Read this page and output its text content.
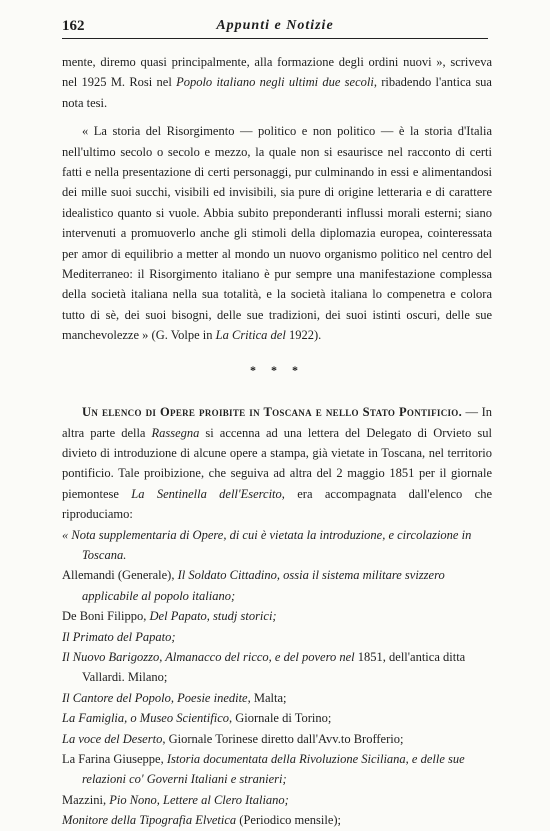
162	Appunti e Notizie

mente, diremo quasi principalmente, alla formazione degli ordini nuovi », scriveva nel 1925 M. Rosi nel Popolo italiano negli ultimi due secoli, ribadendo l'antica sua nota tesi.

« La storia del Risorgimento — politico e non politico — è la storia d'Italia nell'ultimo secolo o secolo e mezzo, la quale non si esaurisce nel racconto di certi fatti e nella presentazione di certi personaggi, pur culminando in essi e alimentandosi dei mille suoi succhi, visibili ed invisibili, sia pure di origine letteraria e di carattere idealistico quanto si vuole. Abbia subito preponderanti influssi morali esterni; siano intervenuti a promuoverlo anche gli stimoli della diplomazia europea, cointeressata per amor di equilibrio a metter al mondo un nuovo organismo politico nel centro del Mediterraneo: il Risorgimento italiano è pur sempre una manifestazione complessa della società italiana nella sua totalità, e la società italiana lo compenetra e colora tutto di sè, dei suoi bisogni, delle sue tradizioni, dei suoi istinti oscuri, delle sue manchevolezze » (G. Volpe in La Critica del 1922).

* * *

Un elenco di Opere proibite in Toscana e nello Stato Pontificio. — In altra parte della Rassegna si accenna ad una lettera del Delegato di Orvieto sul divieto di introduzione di alcune opere a stampa, già vietate in Toscana, nel territorio pontificio. Tale proibizione, che seguiva ad altra del 2 maggio 1851 per il giornale piemontese La Sentinella dell'Esercito, era accompagnata dall'elenco che riproduciamo:

« Nota supplementaria di Opere, di cui è vietata la introduzione, e circolazione in Toscana.

Allemandi (Generale), Il Soldato Cittadino, ossia il sistema militare svizzero applicabile al popolo italiano;

De Boni Filippo, Del Papato, studj storici;

Il Primato del Papato;

Il Nuovo Barigozzo, Almanacco del ricco, e del povero nel 1851, dell'antica ditta Vallardi. Milano;

Il Cantore del Popolo, Poesie inedite, Malta;

La Famiglia, o Museo Scientifico, Giornale di Torino;

La voce del Deserto, Giornale Torinese diretto dall'Avv.to Brofferio;

La Farina Giuseppe, Istoria documentata della Rivoluzione Siciliana, e delle sue relazioni co' Governi Italiani e stranieri;

Mazzini, Pio Nono, Lettere al Clero Italiano;

Monitore della Tipografia Elvetica (Periodico mensile);
